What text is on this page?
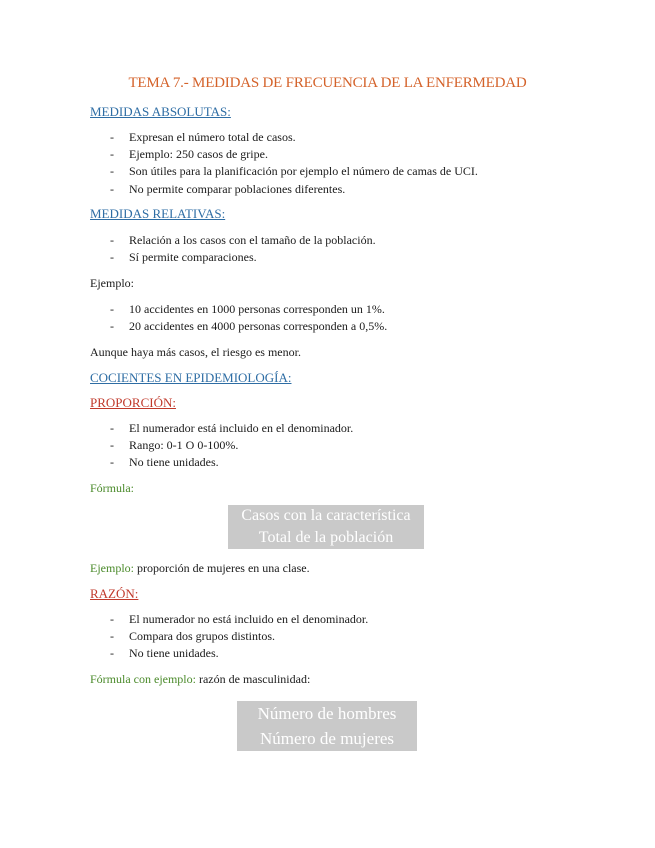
TEMA 7.- MEDIDAS DE FRECUENCIA DE LA ENFERMEDAD
MEDIDAS ABSOLUTAS:
- Expresan el número total de casos.
- Ejemplo: 250 casos de gripe.
- Son útiles para la planificación por ejemplo el número de camas de UCI.
- No permite comparar poblaciones diferentes.
MEDIDAS RELATIVAS:
- Relación a los casos con el tamaño de la población.
- Sí permite comparaciones.
Ejemplo:
- 10 accidentes en 1000 personas corresponden un 1%.
- 20 accidentes en 4000 personas corresponden a 0,5%.
Aunque haya más casos, el riesgo es menor.
COCIENTES EN EPIDEMIOLOGÍA:
PROPORCIÓN:
- El numerador está incluido en el denominador.
- Rango: 0-1 O 0-100%.
- No tiene unidades.
Fórmula:
Casos con la característica
Total de la población
Ejemplo: proporción de mujeres en una clase.
RAZÓN:
- El numerador no está incluido en el denominador.
- Compara dos grupos distintos.
- No tiene unidades.
Fórmula con ejemplo: razón de masculinidad:
Número de hombres
Número de mujeres
